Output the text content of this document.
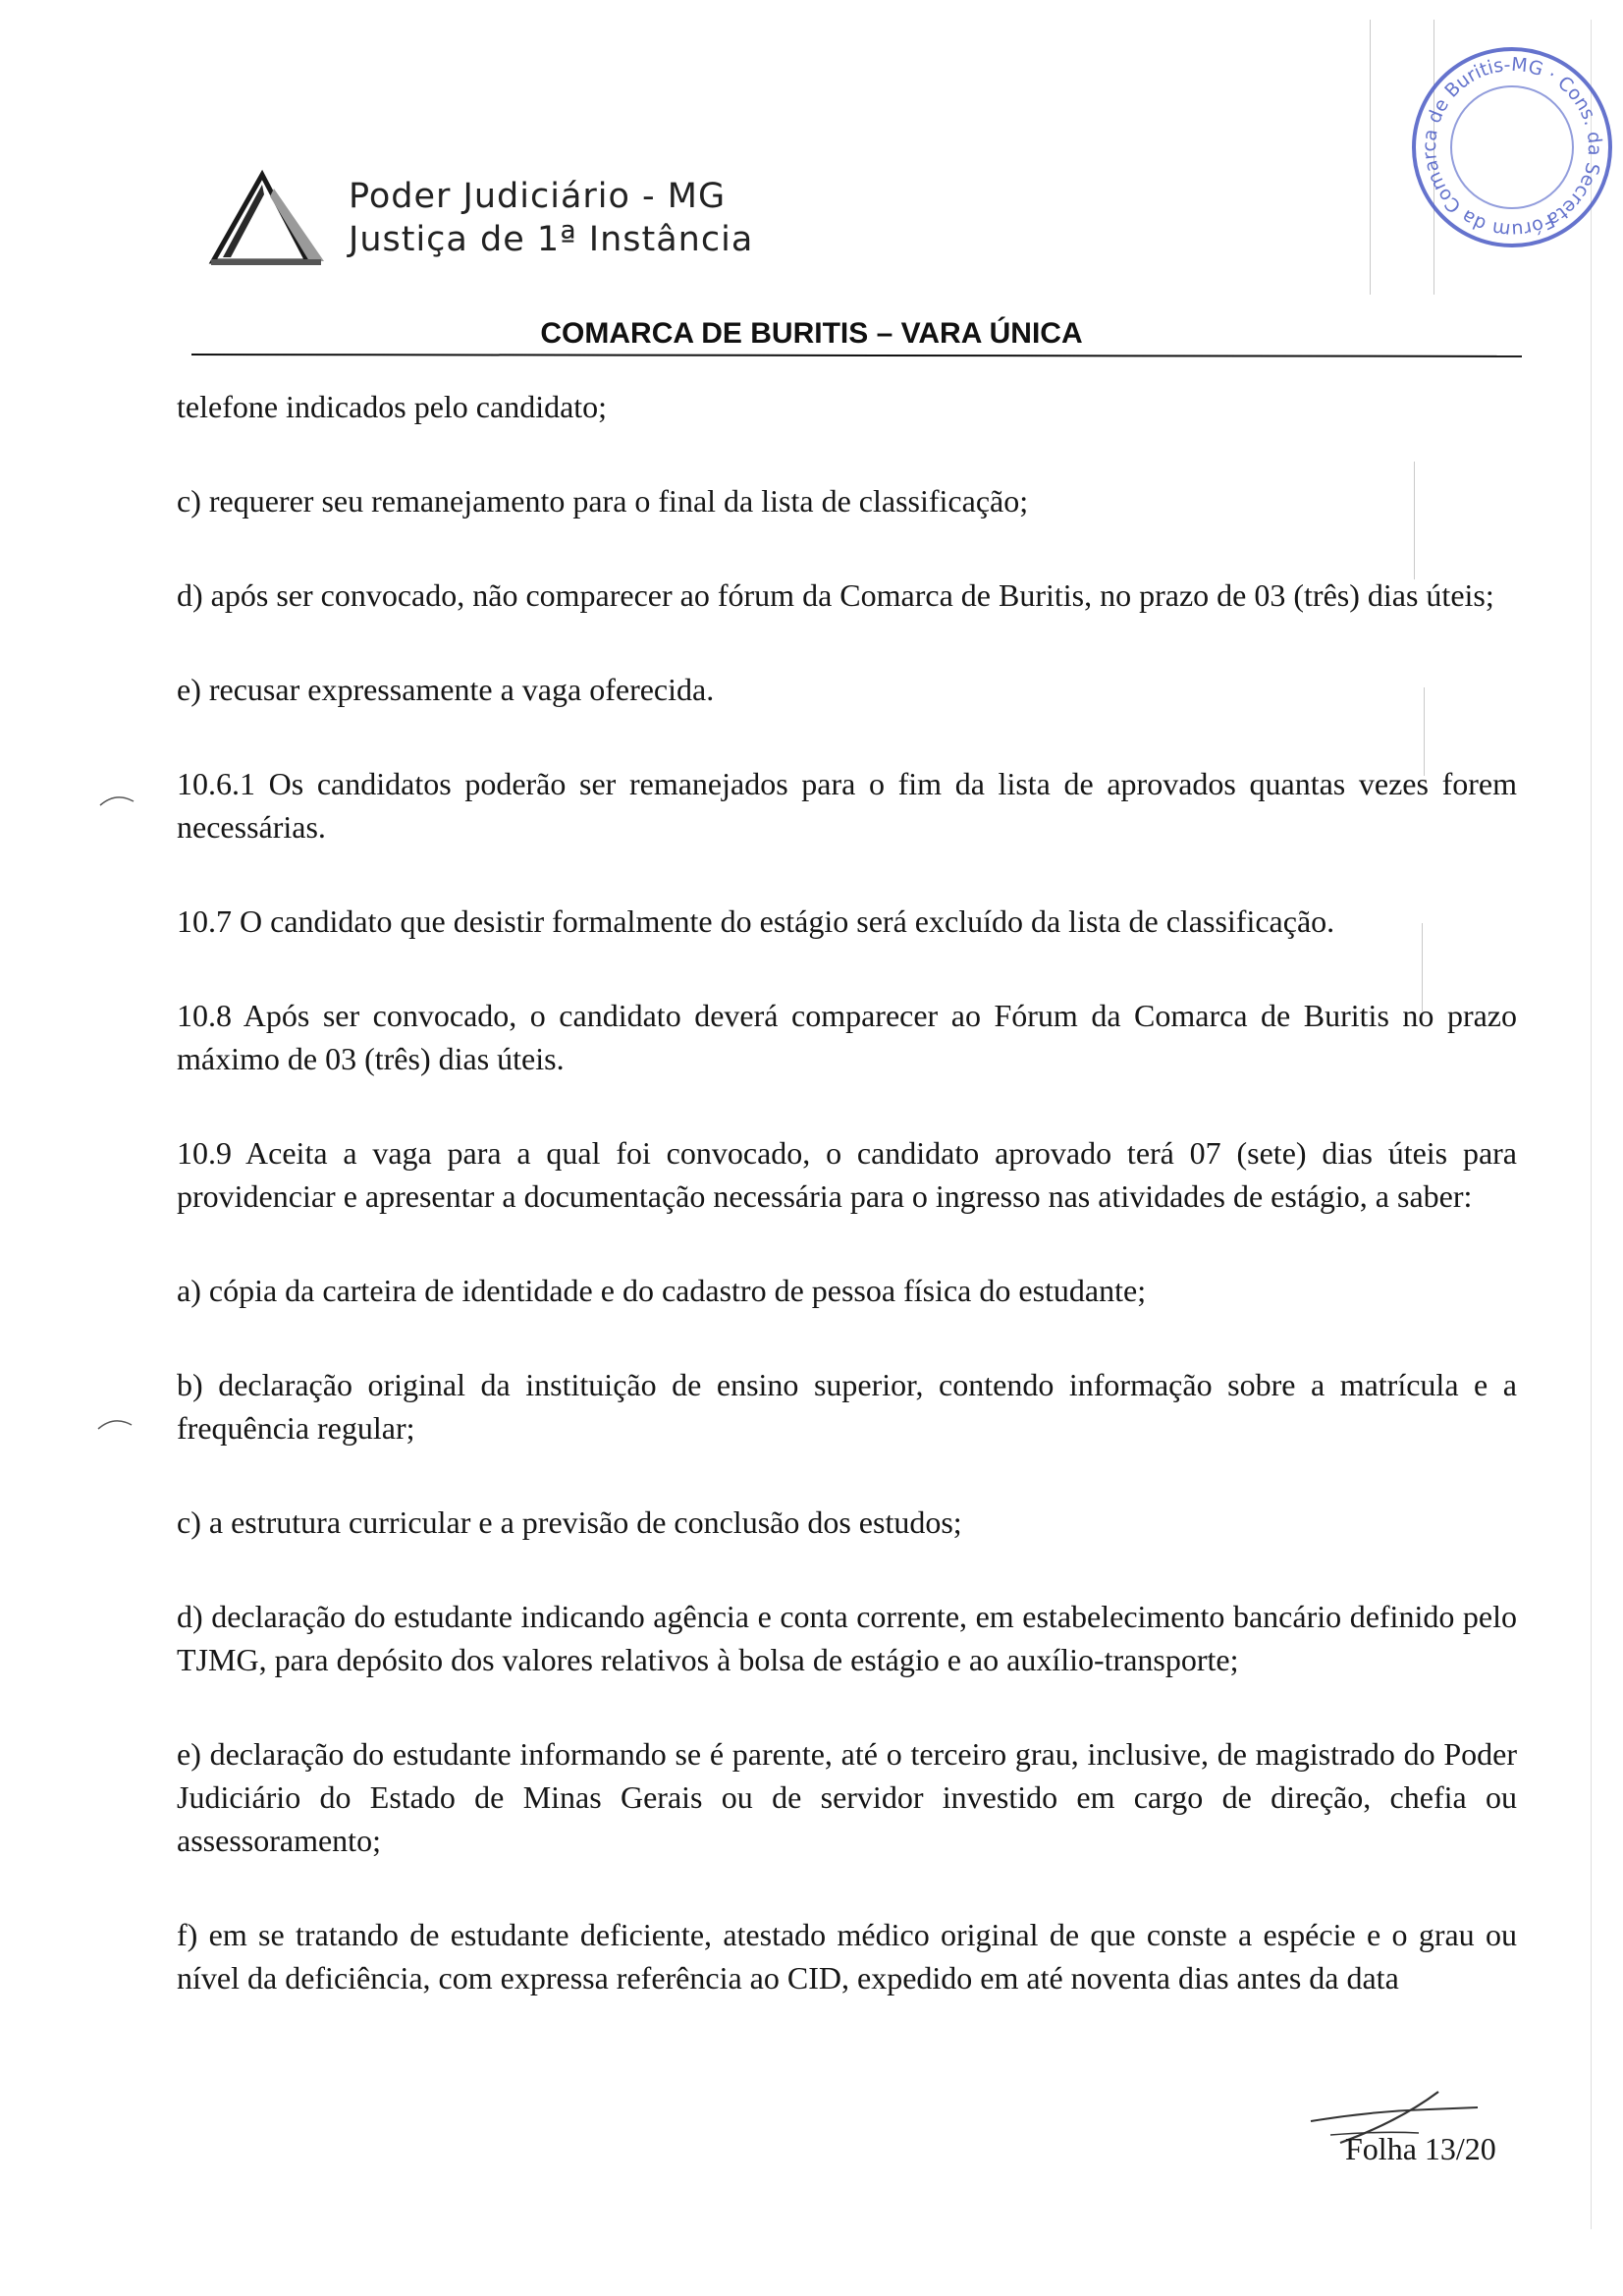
Poder Judiciário - MG
Justiça de 1ª Instância
COMARCA DE BURITIS – VARA ÚNICA
Fórum da Comarca de Buritis-MG · Cons. da Secretaria

telefone indicados pelo candidato;

c) requerer seu remanejamento para o final da lista de classificação;

d) após ser convocado, não comparecer ao fórum da Comarca de Buritis, no prazo de 03 (três) dias úteis;

e) recusar expressamente a vaga oferecida.

10.6.1 Os candidatos poderão ser remanejados para o fim da lista de aprovados quantas vezes forem necessárias.

10.7 O candidato que desistir formalmente do estágio será excluído da lista de classificação.

10.8 Após ser convocado, o candidato deverá comparecer ao Fórum da Comarca de Buritis no prazo máximo de 03 (três) dias úteis.

10.9 Aceita a vaga para a qual foi convocado, o candidato aprovado terá 07 (sete) dias úteis para providenciar e apresentar a documentação necessária para o ingresso nas atividades de estágio, a saber:

a) cópia da carteira de identidade e do cadastro de pessoa física do estudante;

b) declaração original da instituição de ensino superior, contendo informação sobre a matrícula e a frequência regular;

c) a estrutura curricular e a previsão de conclusão dos estudos;

d) declaração do estudante indicando agência e conta corrente, em estabelecimento bancário definido pelo TJMG, para depósito dos valores relativos à bolsa de estágio e ao auxílio-transporte;

e) declaração do estudante informando se é parente, até o terceiro grau, inclusive, de magistrado do Poder Judiciário do Estado de Minas Gerais ou de servidor investido em cargo de direção, chefia ou assessoramento;

f) em se tratando de estudante deficiente, atestado médico original de que conste a espécie e o grau ou nível da deficiência, com expressa referência ao CID, expedido em até noventa dias antes da data

Folha 13/20
